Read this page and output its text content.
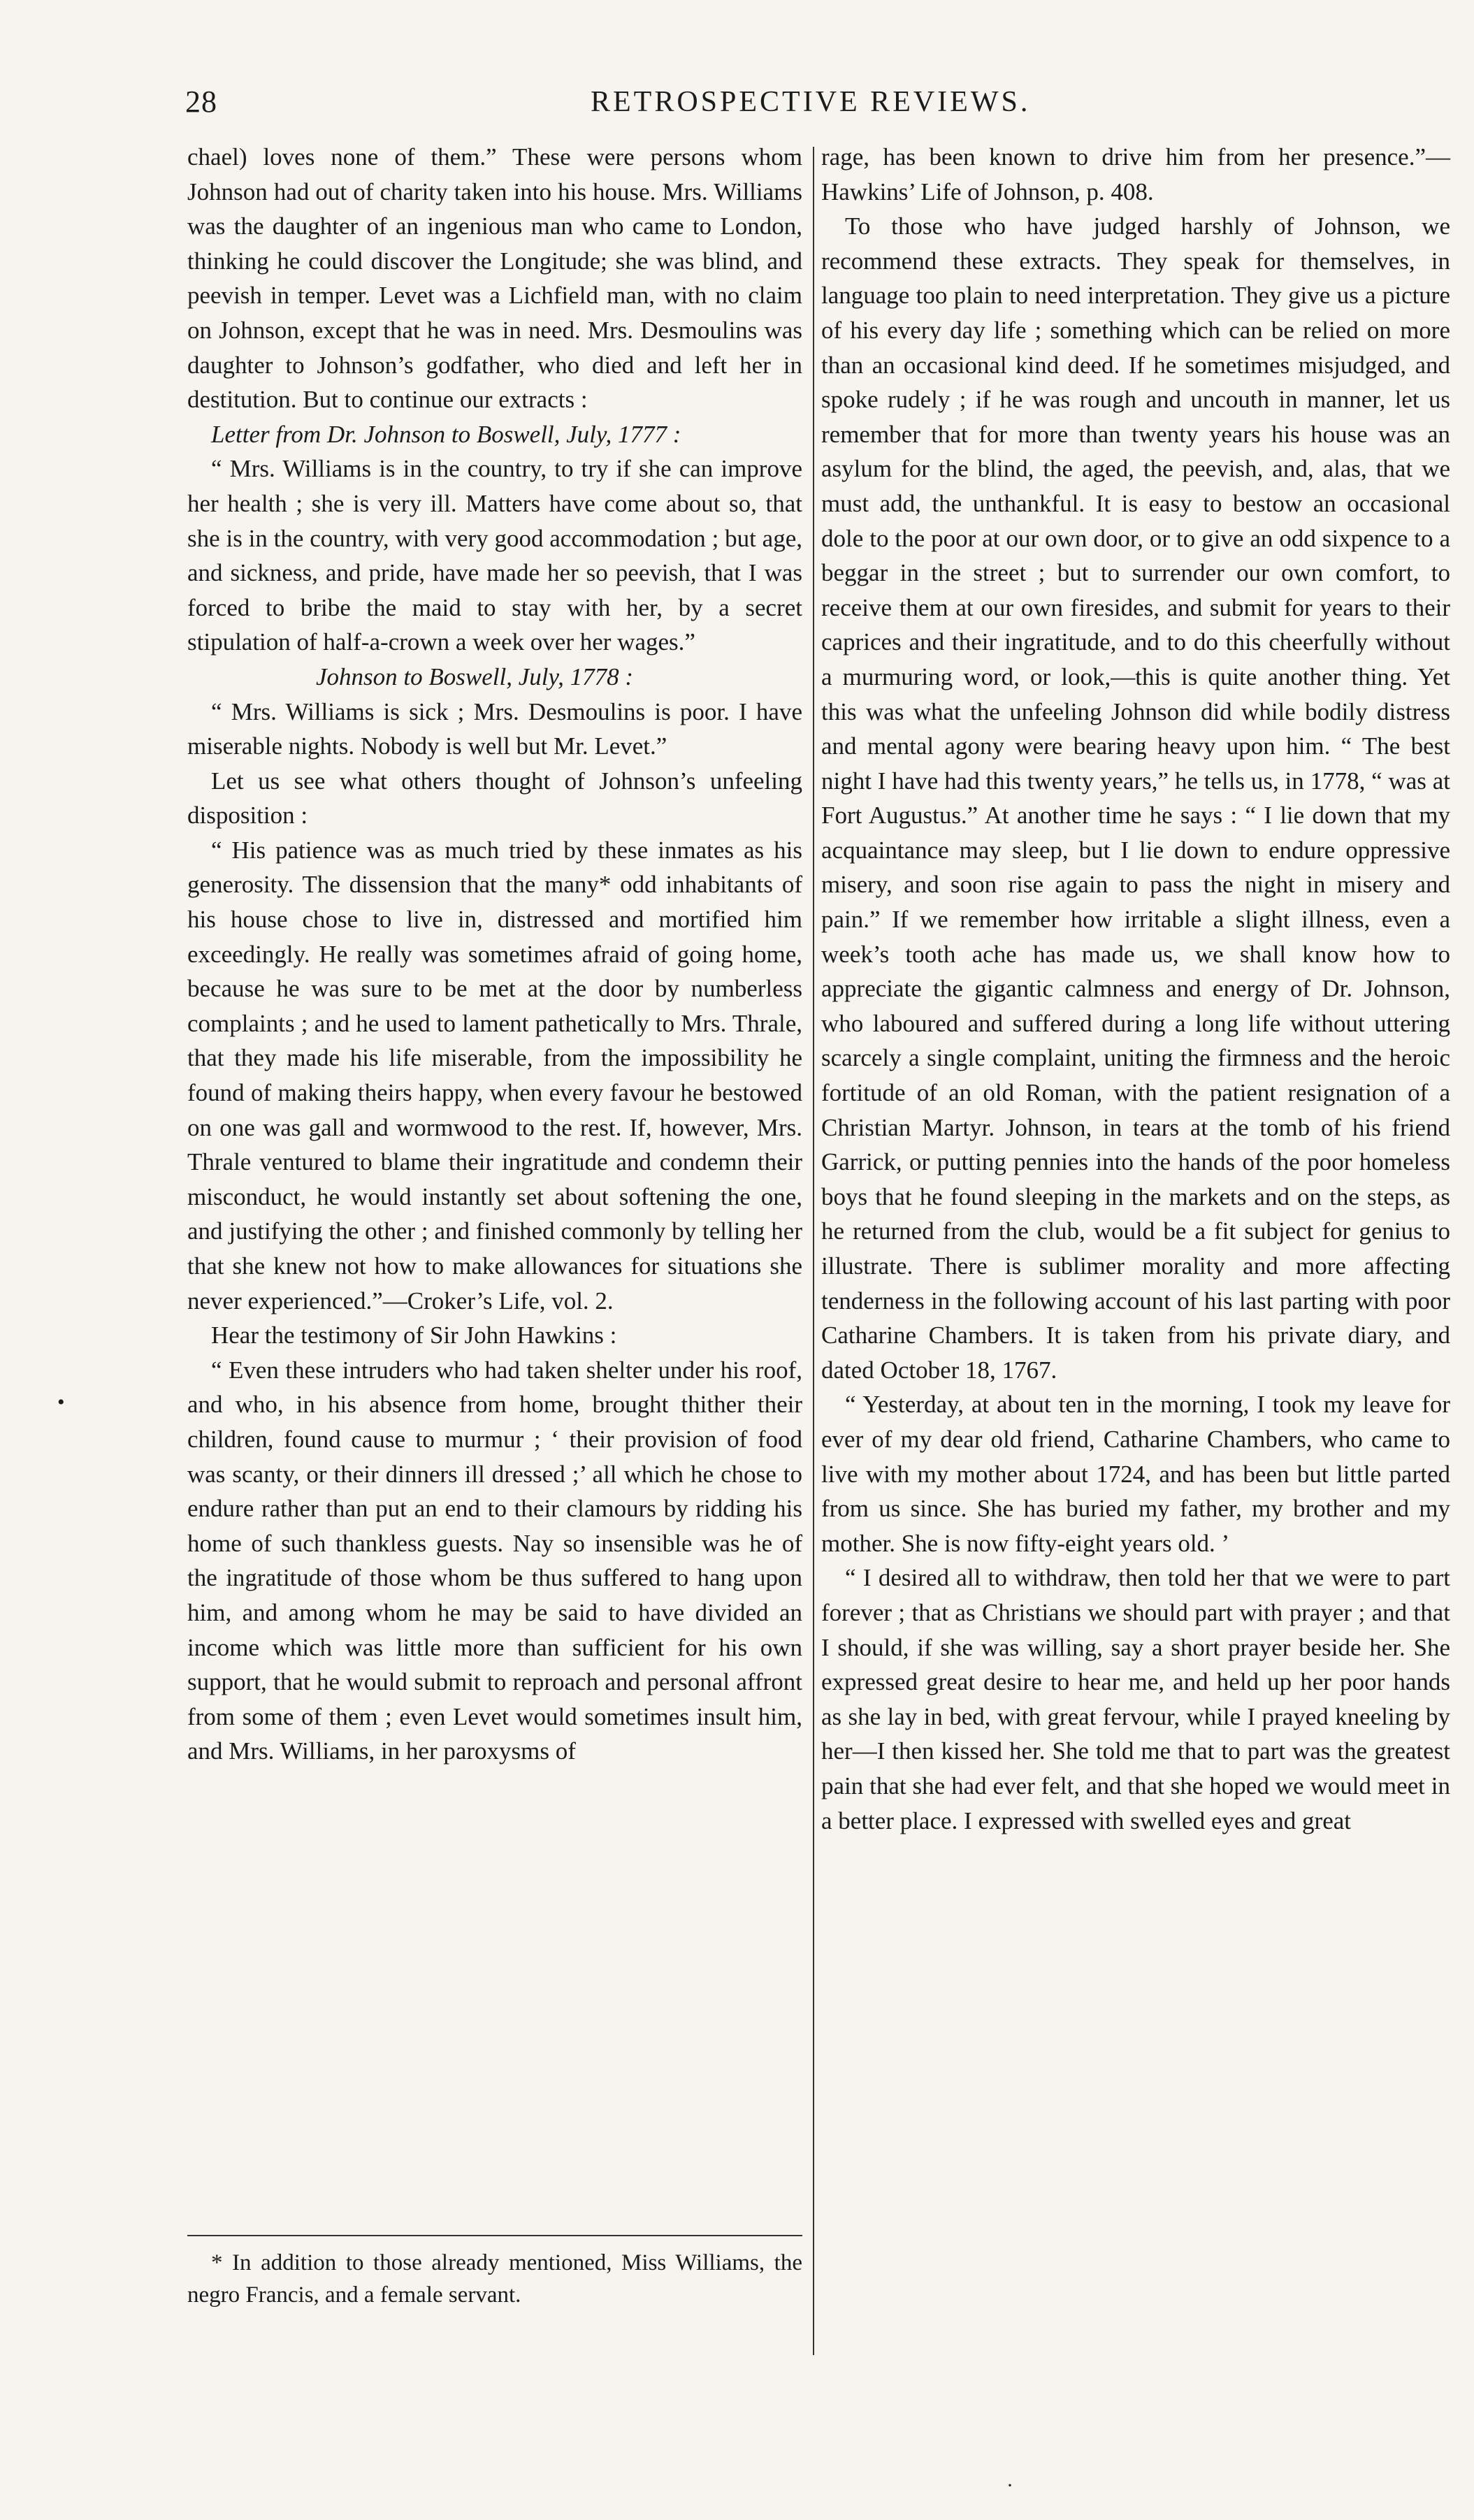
28	RETROSPECTIVE REVIEWS.

chael) loves none of them.” These were persons whom Johnson had out of charity taken into his house. Mrs. Williams was the daughter of an ingenious man who came to London, thinking he could discover the Longitude; she was blind, and peevish in temper. Levet was a Lichfield man, with no claim on Johnson, except that he was in need. Mrs. Desmoulins was daughter to Johnson’s godfather, who died and left her in destitution. But to continue our extracts :

Letter from Dr. Johnson to Boswell, July, 1777 :

“ Mrs. Williams is in the country, to try if she can improve her health ; she is very ill. Matters have come about so, that she is in the country, with very good accommodation ; but age, and sickness, and pride, have made her so peevish, that I was forced to bribe the maid to stay with her, by a secret stipulation of half-a-crown a week over her wages.”

Johnson to Boswell, July, 1778 :

“ Mrs. Williams is sick ; Mrs. Desmoulins is poor. I have miserable nights. Nobody is well but Mr. Levet.”

Let us see what others thought of Johnson’s unfeeling disposition :

“ His patience was as much tried by these inmates as his generosity. The dissension that the many* odd inhabitants of his house chose to live in, distressed and mortified him exceedingly. He really was sometimes afraid of going home, because he was sure to be met at the door by numberless complaints ; and he used to lament pathetically to Mrs. Thrale, that they made his life miserable, from the impossibility he found of making theirs happy, when every favour he bestowed on one was gall and wormwood to the rest. If, however, Mrs. Thrale ventured to blame their ingratitude and condemn their misconduct, he would instantly set about softening the one, and justifying the other ; and finished commonly by telling her that she knew not how to make allowances for situations she never experienced.”—Croker’s Life, vol. 2.

Hear the testimony of Sir John Hawkins :

“ Even these intruders who had taken shelter under his roof, and who, in his absence from home, brought thither their children, found cause to murmur ; ‘ their provision of food was scanty, or their dinners ill dressed ;’ all which he chose to endure rather than put an end to their clamours by ridding his home of such thankless guests. Nay so insensible was he of the ingratitude of those whom be thus suffered to hang upon him, and among whom he may be said to have divided an income which was little more than sufficient for his own support, that he would submit to reproach and personal affront from some of them ; even Levet would sometimes insult him, and Mrs. Williams, in her paroxysms of

rage, has been known to drive him from her presence.”—Hawkins’ Life of Johnson, p. 408.

To those who have judged harshly of Johnson, we recommend these extracts. They speak for themselves, in language too plain to need interpretation. They give us a picture of his every day life ; something which can be relied on more than an occasional kind deed. If he sometimes misjudged, and spoke rudely ; if he was rough and uncouth in manner, let us remember that for more than twenty years his house was an asylum for the blind, the aged, the peevish, and, alas, that we must add, the unthankful. It is easy to bestow an occasional dole to the poor at our own door, or to give an odd sixpence to a beggar in the street ; but to surrender our own comfort, to receive them at our own firesides, and submit for years to their caprices and their ingratitude, and to do this cheerfully without a murmuring word, or look,—this is quite another thing. Yet this was what the unfeeling Johnson did while bodily distress and mental agony were bearing heavy upon him. “ The best night I have had this twenty years,” he tells us, in 1778, “ was at Fort Augustus.” At another time he says : “ I lie down that my acquaintance may sleep, but I lie down to endure oppressive misery, and soon rise again to pass the night in misery and pain.” If we remember how irritable a slight illness, even a week’s tooth ache has made us, we shall know how to appreciate the gigantic calmness and energy of Dr. Johnson, who laboured and suffered during a long life without uttering scarcely a single complaint, uniting the firmness and the heroic fortitude of an old Roman, with the patient resignation of a Christian Martyr. Johnson, in tears at the tomb of his friend Garrick, or putting pennies into the hands of the poor homeless boys that he found sleeping in the markets and on the steps, as he returned from the club, would be a fit subject for genius to illustrate. There is sublimer morality and more affecting tenderness in the following account of his last parting with poor Catharine Chambers. It is taken from his private diary, and dated October 18, 1767.

“ Yesterday, at about ten in the morning, I took my leave for ever of my dear old friend, Catharine Chambers, who came to live with my mother about 1724, and has been but little parted from us since. She has buried my father, my brother and my mother. She is now fifty-eight years old. ’

“ I desired all to withdraw, then told her that we were to part forever ; that as Christians we should part with prayer ; and that I should, if she was willing, say a short prayer beside her. She expressed great desire to hear me, and held up her poor hands as she lay in bed, with great fervour, while I prayed kneeling by her—I then kissed her. She told me that to part was the greatest pain that she had ever felt, and that she hoped we would meet in a better place. I expressed with swelled eyes and great

* In addition to those already mentioned, Miss Williams, the negro Francis, and a female servant.
•
·
